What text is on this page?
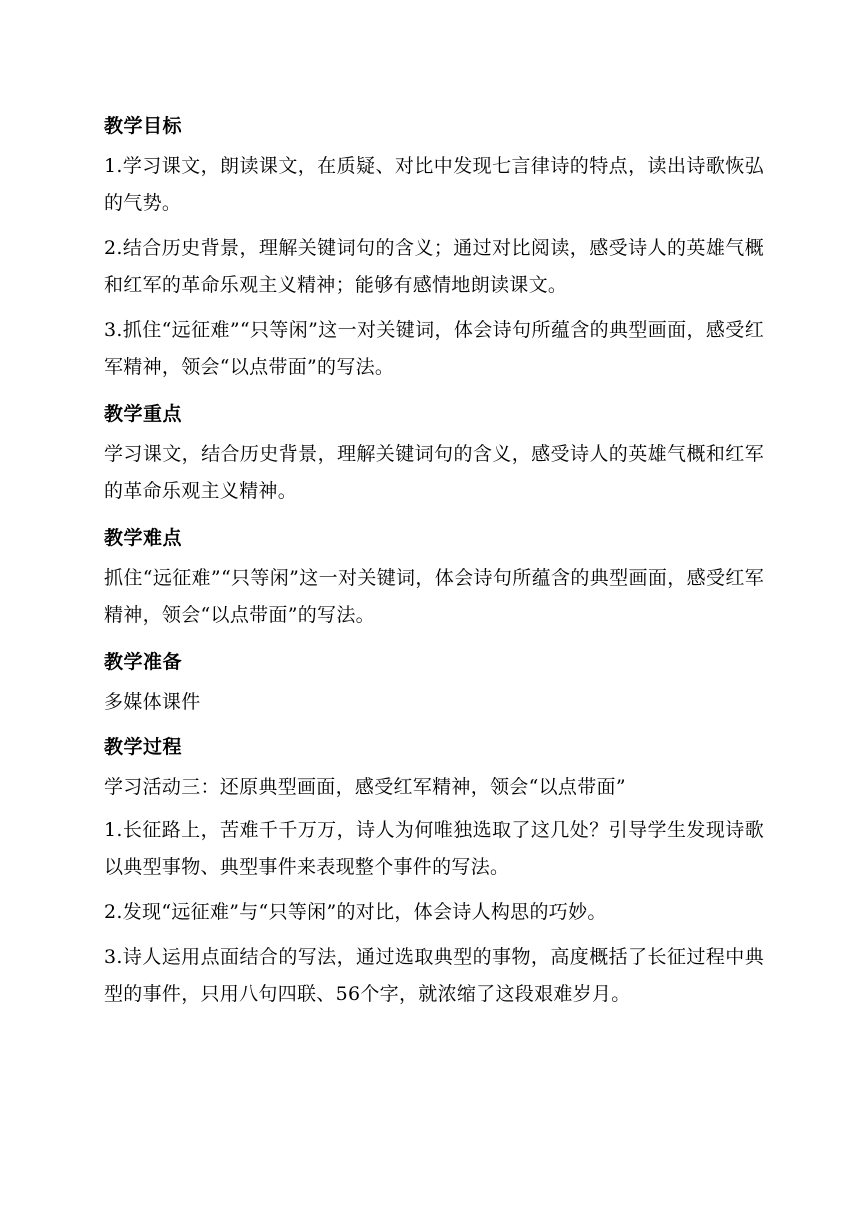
教学目标

1.学习课文，朗读课文，在质疑、对比中发现七言律诗的特点，读出诗歌恢弘的气势。

2.结合历史背景，理解关键词句的含义；通过对比阅读，感受诗人的英雄气概和红军的革命乐观主义精神；能够有感情地朗读课文。

3.抓住“远征难”“只等闲”这一对关键词，体会诗句所蕴含的典型画面，感受红军精神，领会“以点带面”的写法。

教学重点

学习课文，结合历史背景，理解关键词句的含义，感受诗人的英雄气概和红军的革命乐观主义精神。

教学难点

抓住“远征难”“只等闲”这一对关键词，体会诗句所蕴含的典型画面，感受红军精神，领会“以点带面”的写法。

教学准备

多媒体课件

教学过程

学习活动三：还原典型画面，感受红军精神，领会“以点带面”

1.长征路上，苦难千千万万，诗人为何唯独选取了这几处？引导学生发现诗歌以典型事物、典型事件来表现整个事件的写法。

2.发现“远征难”与“只等闲”的对比，体会诗人构思的巧妙。

3.诗人运用点面结合的写法，通过选取典型的事物，高度概括了长征过程中典型的事件，只用八句四联、56个字，就浓缩了这段艰难岁月。
